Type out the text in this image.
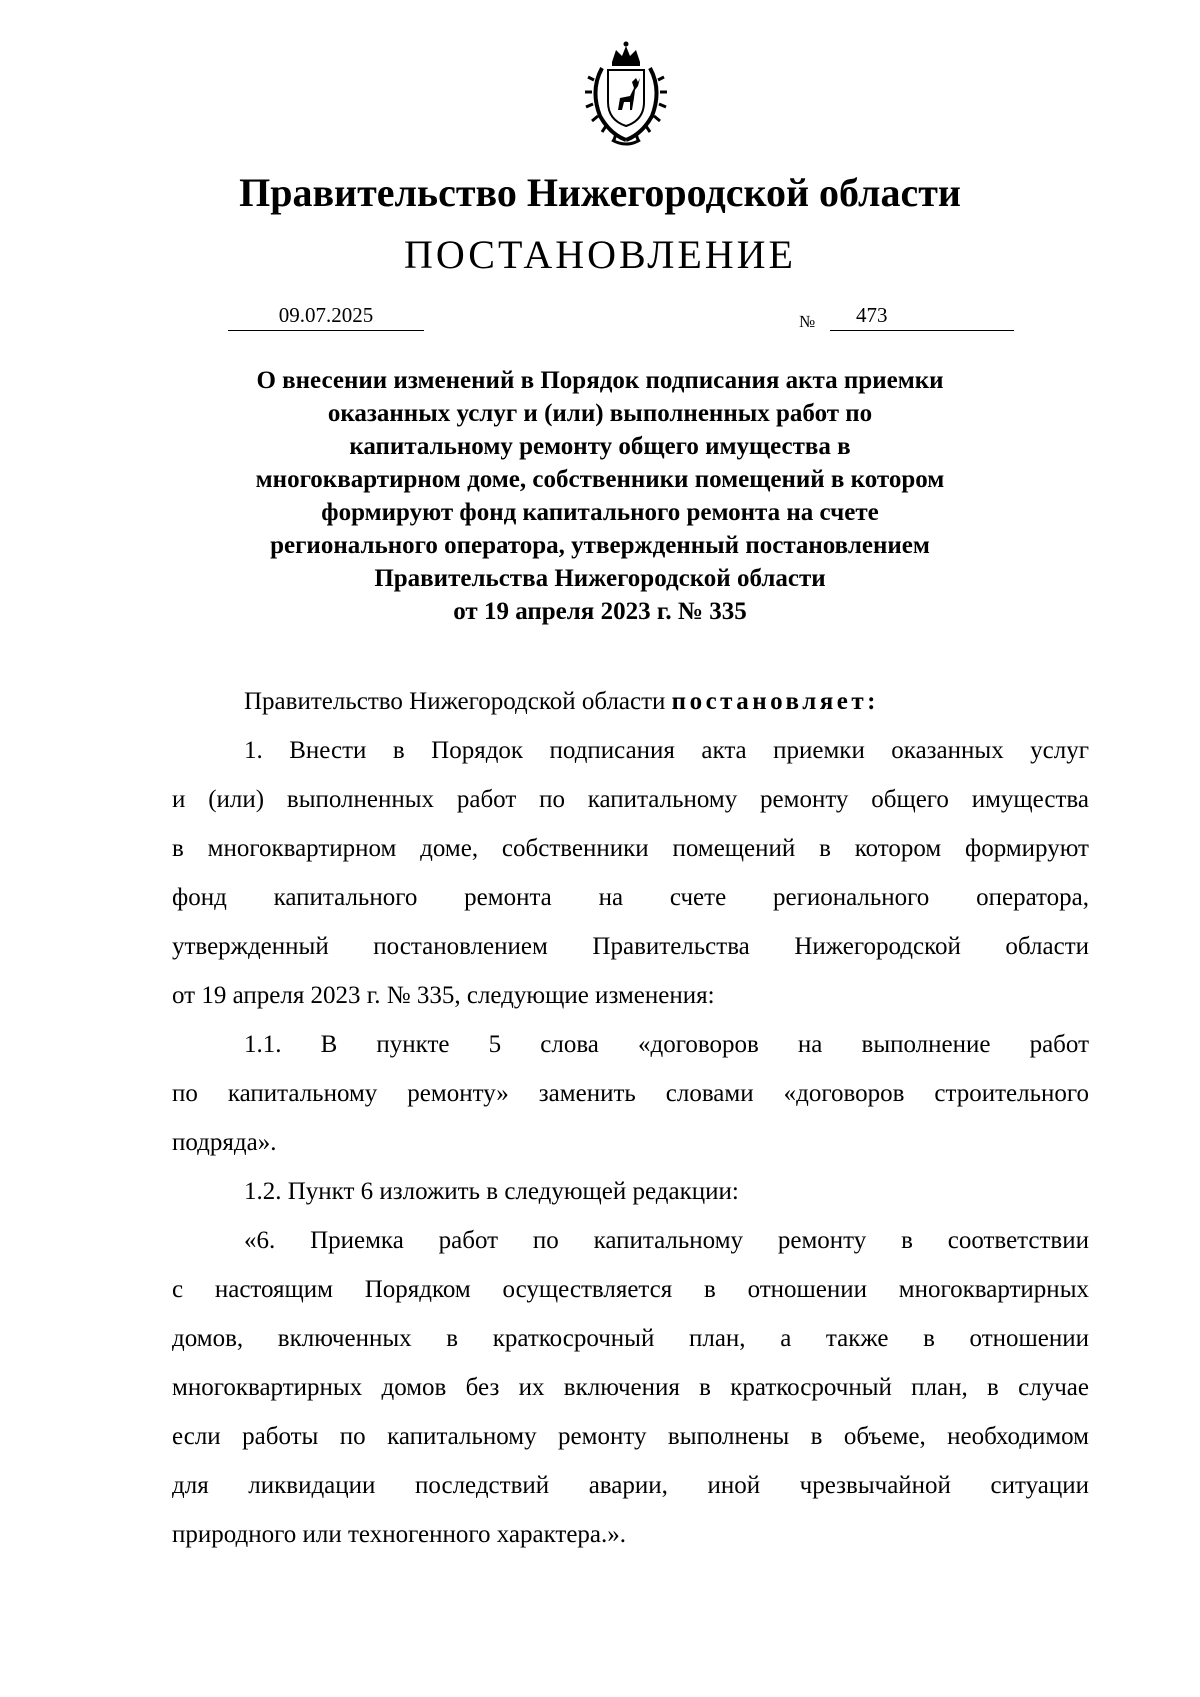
Правительство Нижегородской области
ПОСТАНОВЛЕНИЕ
09.07.2025	№	473
О внесении изменений в Порядок подписания акта приемки
оказанных услуг и (или) выполненных работ по
капитальному ремонту общего имущества в
многоквартирном доме, собственники помещений в котором
формируют фонд капитального ремонта на счете
регионального оператора, утвержденный постановлением
Правительства Нижегородской области
от 19 апреля 2023 г. № 335
Правительство Нижегородской области постановляет:
1. Внести в Порядок подписания акта приемки оказанных услуг
и (или) выполненных работ по капитальному ремонту общего имущества
в многоквартирном доме, собственники помещений в котором формируют
фонд капитального ремонта на счете регионального оператора,
утвержденный постановлением Правительства Нижегородской области
от 19 апреля 2023 г. № 335, следующие изменения:
1.1. В пункте 5 слова «договоров на выполнение работ
по капитальному ремонту» заменить словами «договоров строительного
подряда».
1.2. Пункт 6 изложить в следующей редакции:
«6. Приемка работ по капитальному ремонту в соответствии
с настоящим Порядком осуществляется в отношении многоквартирных
домов, включенных в краткосрочный план, а также в отношении
многоквартирных домов без их включения в краткосрочный план, в случае
если работы по капитальному ремонту выполнены в объеме, необходимом
для ликвидации последствий аварии, иной чрезвычайной ситуации
природного или техногенного характера.».
